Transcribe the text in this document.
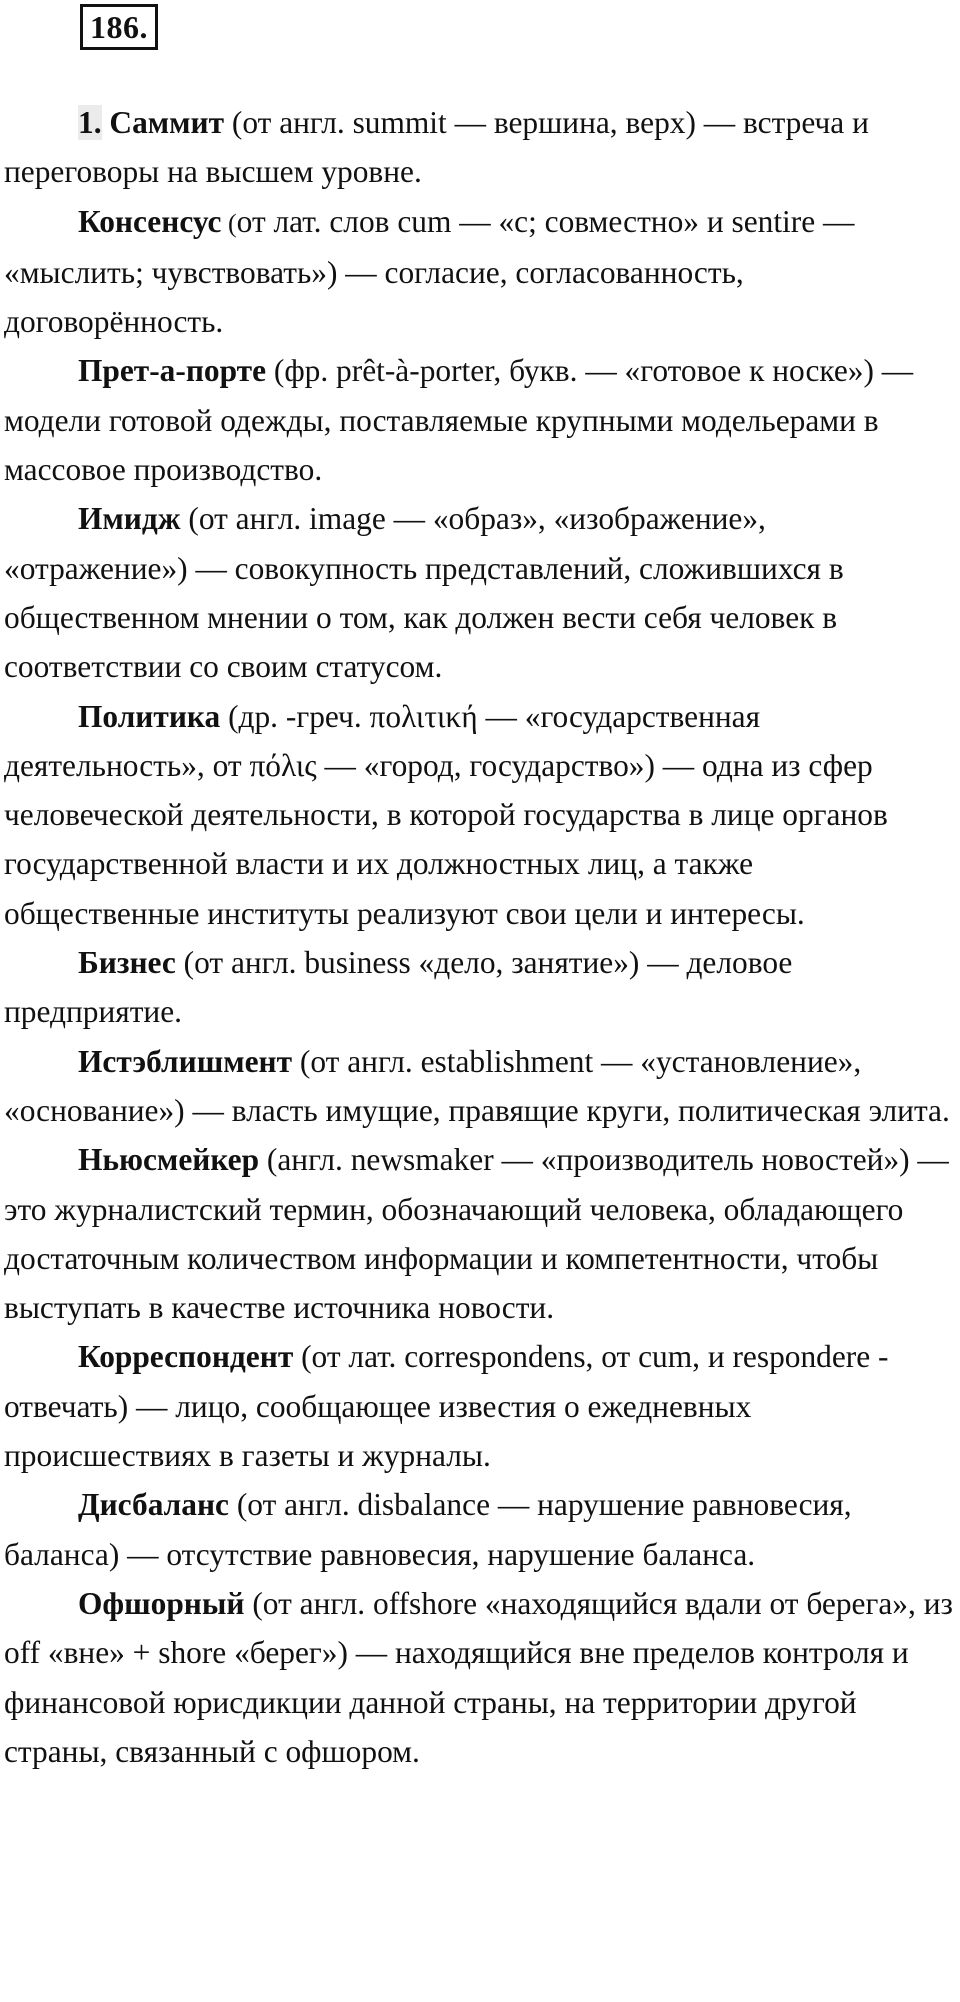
186.

1. Саммит (от англ. summit — вершина, верх) — встреча и переговоры на высшем уровне.

Консенсус (от лат. слов cum — «с; совместно» и sentire — «мыслить; чувствовать») — согласие, согласованность, договорённость.

Прет-а-порте (фр. prêt-à-porter, букв. — «готовое к носке») — модели готовой одежды, поставляемые крупными модельерами в массовое производство.

Имидж (от англ. image — «образ», «изображение», «отражение») — совокупность представлений, сложившихся в общественном мнении о том, как должен вести себя человек в соответствии со своим статусом.

Политика (др. -греч. πολιτική — «государственная деятельность», от πόλις — «город, государство») — одна из сфер человеческой деятельности, в которой государства в лице органов государственной власти и их должностных лиц, а также общественные институты реализуют свои цели и интересы.

Бизнес (от англ. business «дело, занятие») — деловое предприятие.

Истэблишмент (от англ. establishment — «установление», «основание») — власть имущие, правящие круги, политическая элита.

Ньюсмейкер (англ. newsmaker — «производитель новостей») — это журналистский термин, обозначающий человека, обладающего достаточным количеством информации и компетентности, чтобы выступать в качестве источника новости.

Корреспондент (от лат. correspondens, от cum, и respondere - отвечать) — лицо, сообщающее известия о ежедневных происшествиях в газеты и журналы.

Дисбаланс (от англ. disbalance — нарушение равновесия, баланса) — отсутствие равновесия, нарушение баланса.

Офшорный (от англ. offshore «находящийся вдали от берега», из off «вне» + shore «берег») — находящийся вне пределов контроля и финансовой юрисдикции данной страны, на территории другой страны, связанный с офшором.
